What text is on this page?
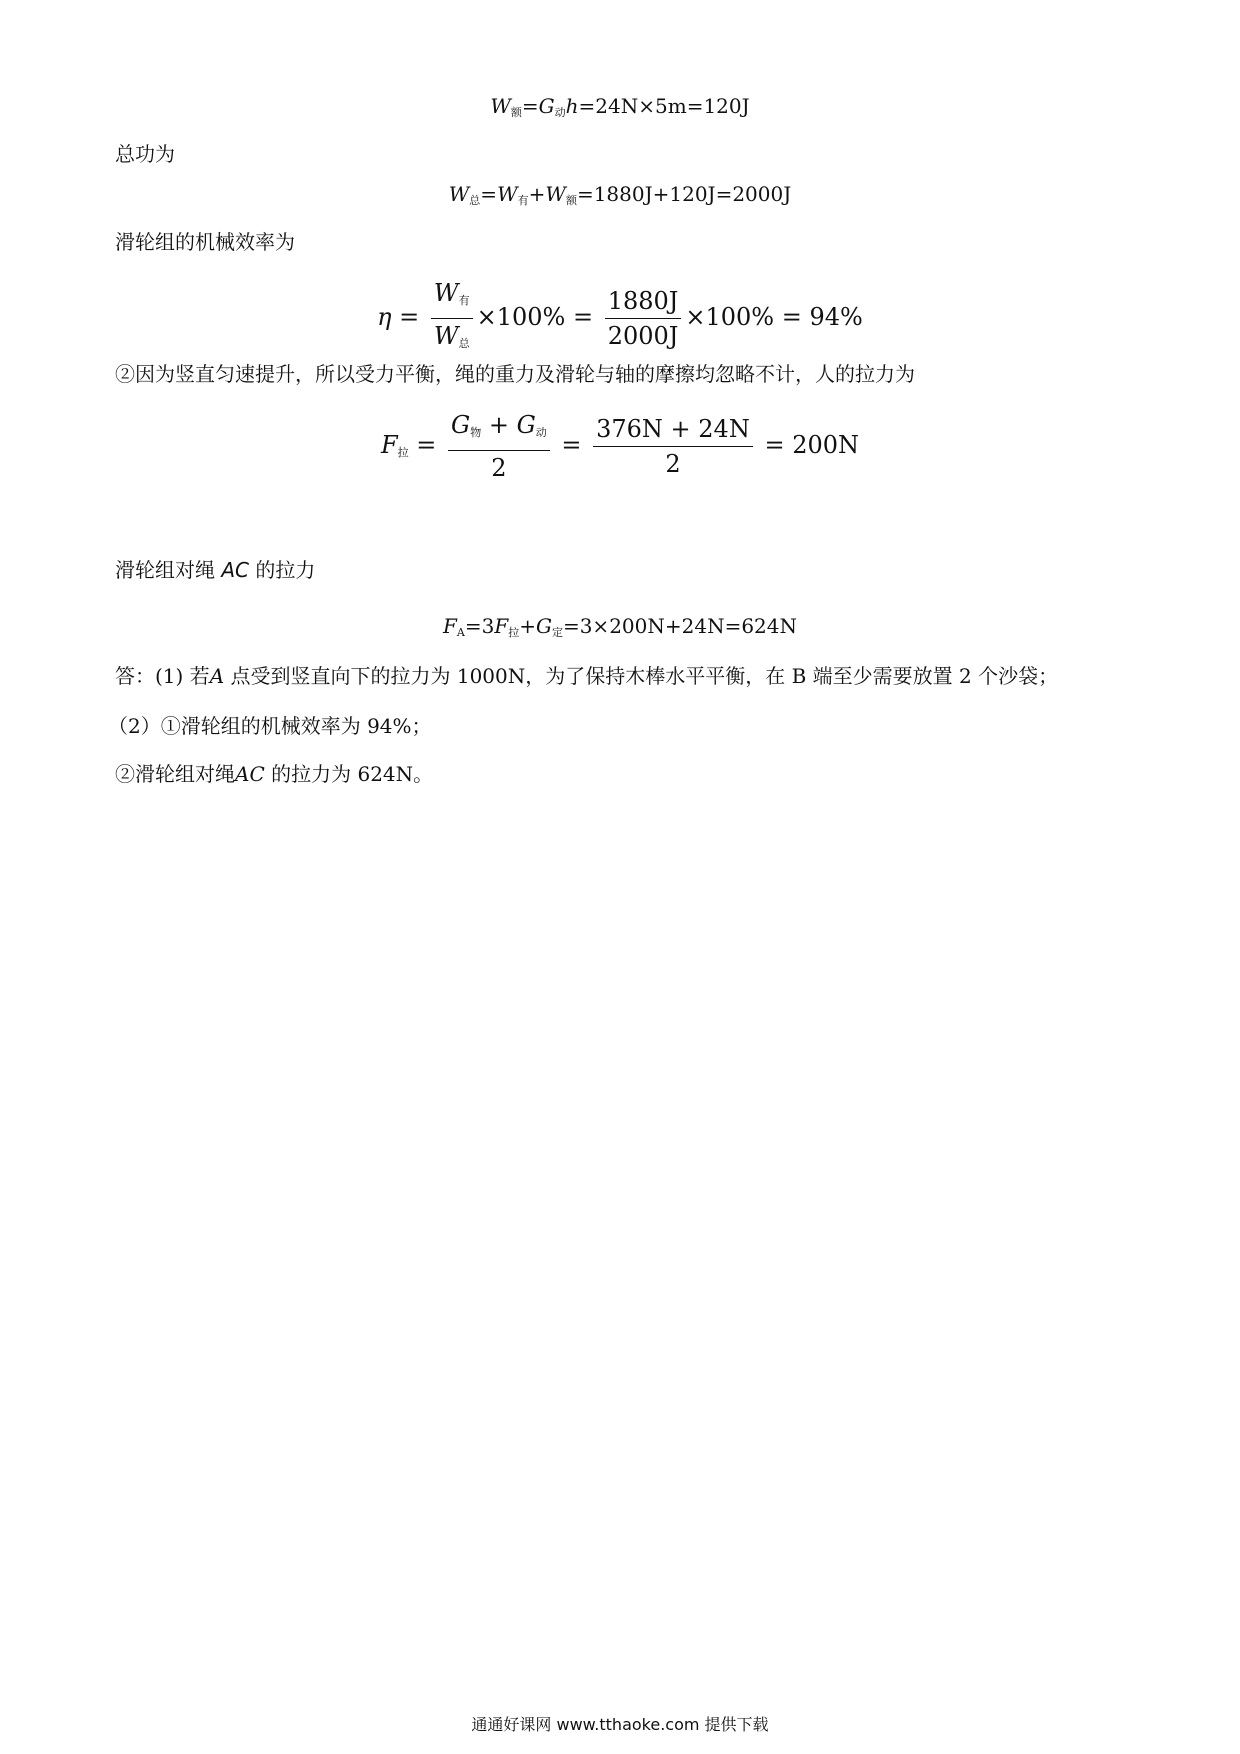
$W_额=G_动h=24N\times 5m=120J$
总功为
$W_总=W_有+W_额=1880J+120J=2000J$
滑轮组的机械效率为
$\eta = \frac{W_有}{W_总} \times 100\% = \frac{1880J}{2000J} \times 100\% = 94\%$
②因为竖直匀速提升，所以受力平衡，绳的重力及滑轮与轴的摩擦均忽略不计，人的拉力为
$F_拉 = \frac{G_物 + G_动}{2} = \frac{376N + 24N}{2} = 200N$
滑轮组对绳 AC 的拉力
$F_A=3F_拉+G_定=3\times 200N+24N=624N$
答：(1) 若A 点受到竖直向下的拉力为 1000N，为了保持木棒水平平衡，在 B 端至少需要放置 2 个沙袋；
（2）①滑轮组的机械效率为 94%；
②滑轮组对绳AC 的拉力为 624N。
通通好课网 www.tthaoke.com 提供下载
